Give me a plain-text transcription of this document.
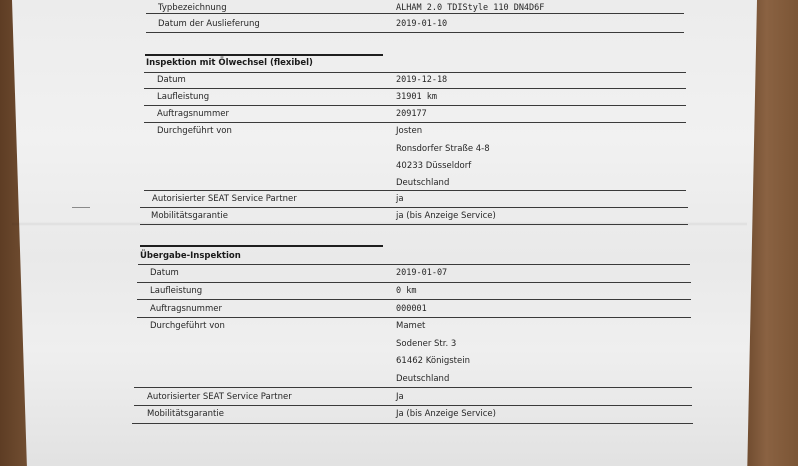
Typbezeichnung	ALHAM 2.0 TDIStyle 110 DN4D6F
Datum der Auslieferung	2019-01-10
Inspektion mit Ölwechsel (flexibel)
Datum	2019-12-18
Laufleistung	31901 km
Auftragsnummer	209177
Durchgeführt von	Josten
Ronsdorfer Straße 4-8
40233 Düsseldorf
Deutschland
Autorisierter SEAT Service Partner	ja
Mobilitätsgarantie	ja (bis Anzeige Service)
Übergabe-Inspektion
Datum	2019-01-07
Laufleistung	0 km
Auftragsnummer	000001
Durchgeführt von	Mamet
Sodener Str. 3
61462 Königstein
Deutschland
Autorisierter SEAT Service Partner	Ja
Mobilitätsgarantie	Ja (bis Anzeige Service)
